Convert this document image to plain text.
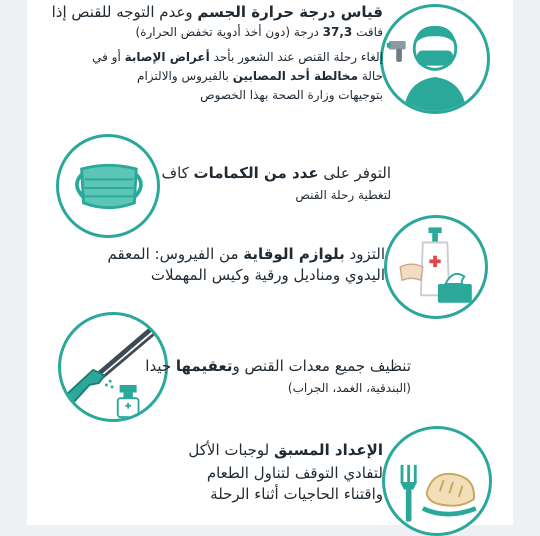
قياس درجة حرارة الجسم وعدم التوجه للقنص إذا
فاقت 37,3 درجة (دون أخذ أدوية تخفض الحرارة)
إلغاء رحلة القنص عند الشعور بأحد أعراض الإصابة أو في
حالة مخالطة أحد المصابين بالفيروس والالتزام
بتوجيهات وزارة الصحة بهذا الخصوص
التوفر على عدد من الكمامات كاف
لتغطية رحلة القنص
التزود بلوازم الوقاية من الفيروس: المعقم
اليدوي ومناديل ورقية وكيس المهملات
تنظيف جميع معدات القنص وتعقيمها جيدا
(البندقية، الغمد، الجراب)
الإعداد المسبق لوجبات الأكل
لتفادي التوقف لتناول الطعام
واقتناء الحاجيات أثناء الرحلة
